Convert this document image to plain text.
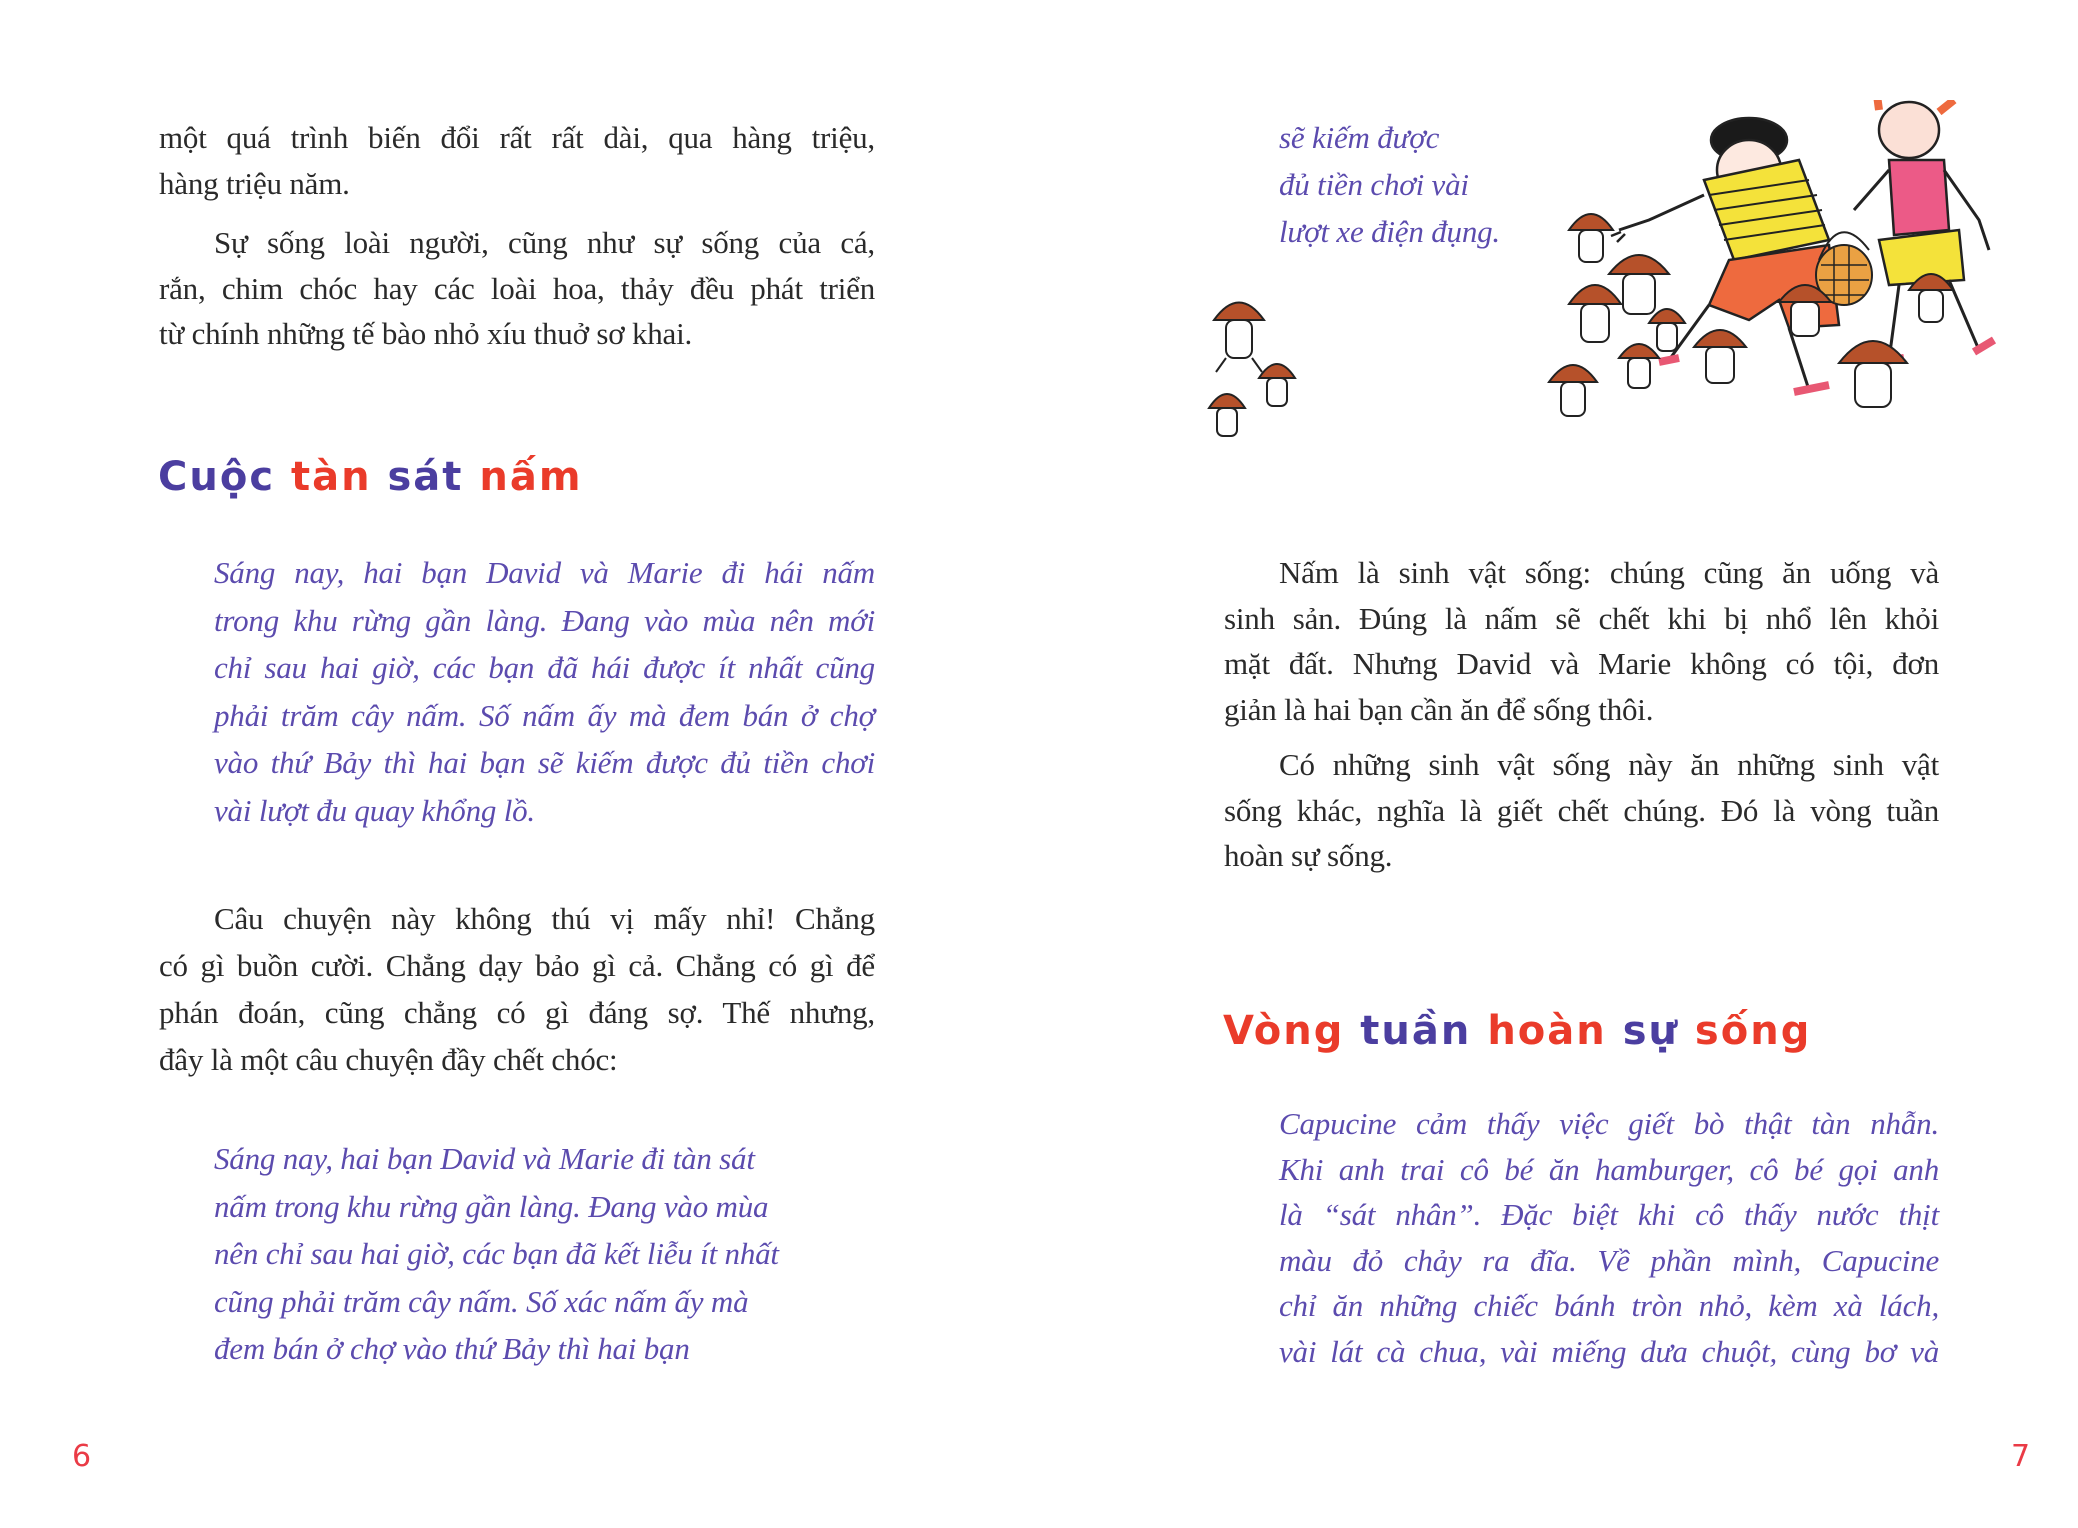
một quá trình biến đổi rất rất dài, qua hàng triệu,
hàng triệu năm.
Sự sống loài người, cũng như sự sống của cá,
rắn, chim chóc hay các loài hoa, thảy đều phát triển
từ chính những tế bào nhỏ xíu thuở sơ khai.
Cuộc tàn sát nấm
Sáng nay, hai bạn David và Marie đi hái nấm
trong khu rừng gần làng. Đang vào mùa nên mới
chỉ sau hai giờ, các bạn đã hái được ít nhất cũng
phải trăm cây nấm. Số nấm ấy mà đem bán ở chợ
vào thứ Bảy thì hai bạn sẽ kiếm được đủ tiền chơi
vài lượt đu quay khổng lồ.
Câu chuyện này không thú vị mấy nhỉ! Chẳng
có gì buồn cười. Chẳng dạy bảo gì cả. Chẳng có gì để
phán đoán, cũng chẳng có gì đáng sợ. Thế nhưng,
đây là một câu chuyện đầy chết chóc:
Sáng nay, hai bạn David và Marie đi tàn sát
nấm trong khu rừng gần làng. Đang vào mùa
nên chỉ sau hai giờ, các bạn đã kết liễu ít nhất
cũng phải trăm cây nấm. Số xác nấm ấy mà
đem bán ở chợ vào thứ Bảy thì hai bạn
6
sẽ kiếm được
đủ tiền chơi vài
lượt xe điện đụng.
Nấm là sinh vật sống: chúng cũng ăn uống và
sinh sản. Đúng là nấm sẽ chết khi bị nhổ lên khỏi
mặt đất. Nhưng David và Marie không có tội, đơn
giản là hai bạn cần ăn để sống thôi.
Có những sinh vật sống này ăn những sinh vật
sống khác, nghĩa là giết chết chúng. Đó là vòng tuần
hoàn sự sống.
Vòng tuần hoàn sự sống
Capucine cảm thấy việc giết bò thật tàn nhẫn.
Khi anh trai cô bé ăn hamburger, cô bé gọi anh
là “sát nhân”. Đặc biệt khi cô thấy nước thịt
màu đỏ chảy ra đĩa. Về phần mình, Capucine
chỉ ăn những chiếc bánh tròn nhỏ, kèm xà lách,
vài lát cà chua, vài miếng dưa chuột, cùng bơ và
7
